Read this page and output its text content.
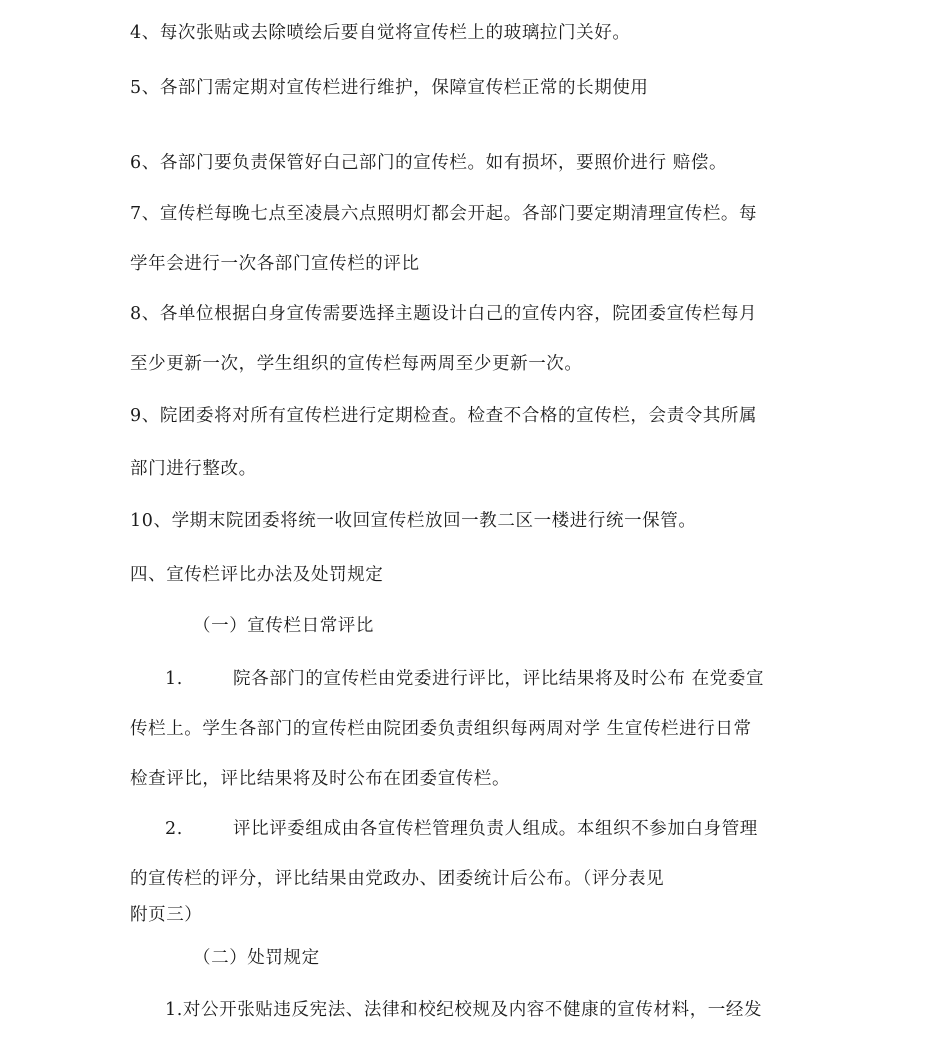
4、每次张贴或去除喷绘后要自觉将宣传栏上的玻璃拉门关好。
5、各部门需定期对宣传栏进行维护，保障宣传栏正常的长期使用
6、各部门要负责保管好白己部门的宣传栏。如有损坏，要照价进行 赔偿。
7、宣传栏每晚七点至凌晨六点照明灯都会开起。各部门要定期清理宣传栏。每
学年会进行一次各部门宣传栏的评比
8、各单位根据白身宣传需要选择主题设计白己的宣传内容，院团委宣传栏每月
至少更新一次，学生组织的宣传栏每两周至少更新一次。
9、院团委将对所有宣传栏进行定期检查。检查不合格的宣传栏，会责令其所属
部门进行整改。
10、学期末院团委将统一收回宣传栏放回一教二区一楼进行统一保管。
四、宣传栏评比办法及处罚规定
（一）宣传栏日常评比
1.	院各部门的宣传栏由党委进行评比，评比结果将及时公布 在党委宣
传栏上。学生各部门的宣传栏由院团委负责组织每两周对学 生宣传栏进行日常
检查评比，评比结果将及时公布在团委宣传栏。
2.	评比评委组成由各宣传栏管理负责人组成。本组织不参加白身管理
的宣传栏的评分，评比结果由党政办、团委统计后公布。（评分表见
附页三）
（二）处罚规定
1.对公开张贴违反宪法、法律和校纪校规及内容不健康的宣传材料，一经发
